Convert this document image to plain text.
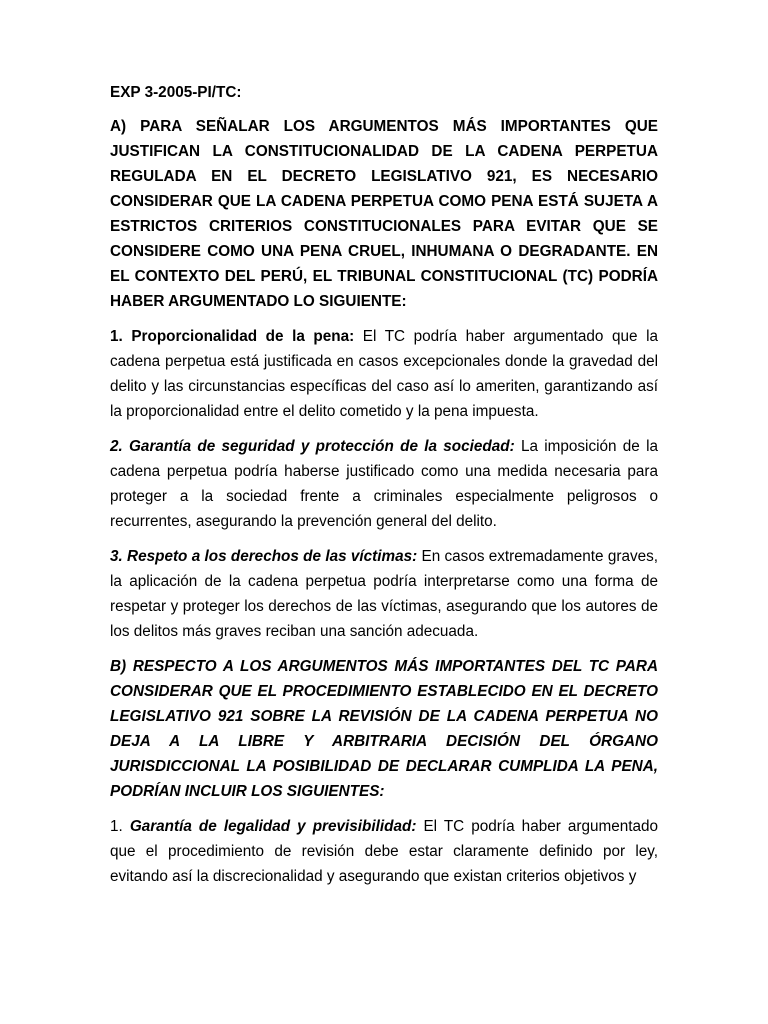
EXP 3-2005-PI/TC:

A) PARA SEÑALAR LOS ARGUMENTOS MÁS IMPORTANTES QUE JUSTIFICAN LA CONSTITUCIONALIDAD DE LA CADENA PERPETUA REGULADA EN EL DECRETO LEGISLATIVO 921, ES NECESARIO CONSIDERAR QUE LA CADENA PERPETUA COMO PENA ESTÁ SUJETA A ESTRICTOS CRITERIOS CONSTITUCIONALES PARA EVITAR QUE SE CONSIDERE COMO UNA PENA CRUEL, INHUMANA O DEGRADANTE. EN EL CONTEXTO DEL PERÚ, EL TRIBUNAL CONSTITUCIONAL (TC) PODRÍA HABER ARGUMENTADO LO SIGUIENTE:

1. Proporcionalidad de la pena: El TC podría haber argumentado que la cadena perpetua está justificada en casos excepcionales donde la gravedad del delito y las circunstancias específicas del caso así lo ameriten, garantizando así la proporcionalidad entre el delito cometido y la pena impuesta.

2. Garantía de seguridad y protección de la sociedad: La imposición de la cadena perpetua podría haberse justificado como una medida necesaria para proteger a la sociedad frente a criminales especialmente peligrosos o recurrentes, asegurando la prevención general del delito.

3. Respeto a los derechos de las víctimas: En casos extremadamente graves, la aplicación de la cadena perpetua podría interpretarse como una forma de respetar y proteger los derechos de las víctimas, asegurando que los autores de los delitos más graves reciban una sanción adecuada.

B) RESPECTO A LOS ARGUMENTOS MÁS IMPORTANTES DEL TC PARA CONSIDERAR QUE EL PROCEDIMIENTO ESTABLECIDO EN EL DECRETO LEGISLATIVO 921 SOBRE LA REVISIÓN DE LA CADENA PERPETUA NO DEJA A LA LIBRE Y ARBITRARIA DECISIÓN DEL ÓRGANO JURISDICCIONAL LA POSIBILIDAD DE DECLARAR CUMPLIDA LA PENA, PODRÍAN INCLUIR LOS SIGUIENTES:

1. Garantía de legalidad y previsibilidad: El TC podría haber argumentado que el procedimiento de revisión debe estar claramente definido por ley, evitando así la discrecionalidad y asegurando que existan criterios objetivos y
